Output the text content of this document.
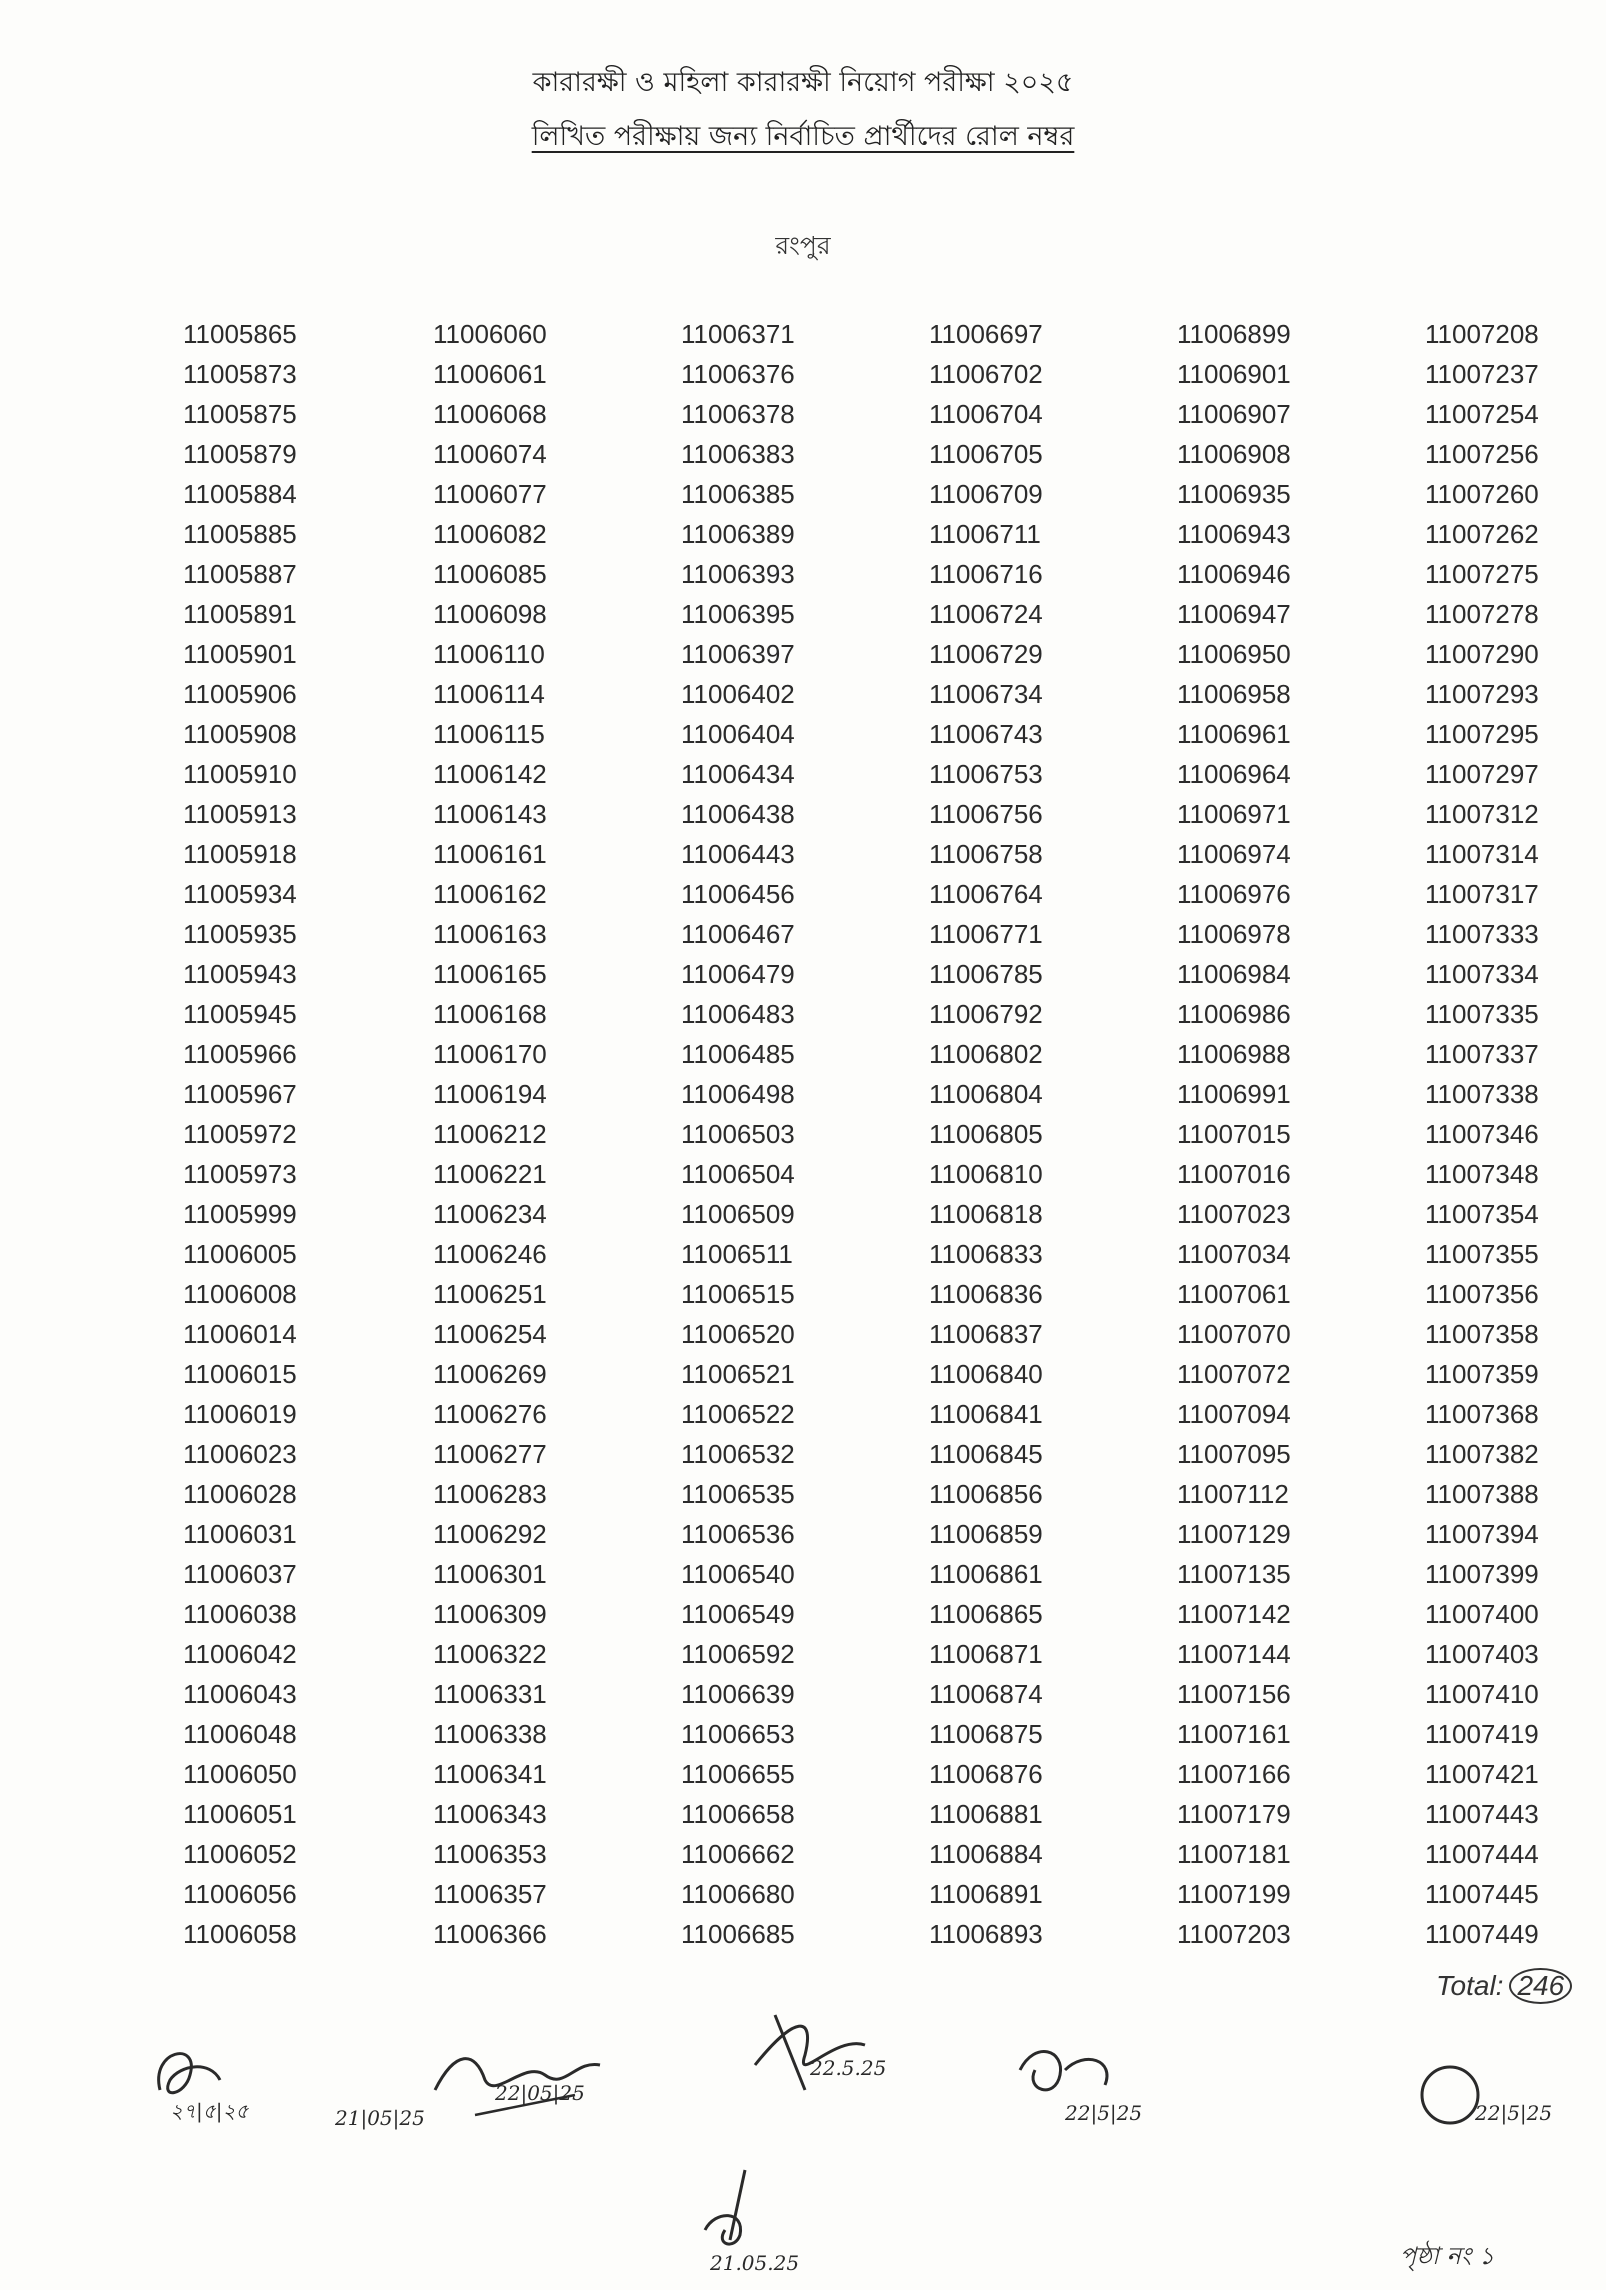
কারারক্ষী ও মহিলা কারারক্ষী নিয়োগ পরীক্ষা ২০২৫
লিখিত পরীক্ষায় জন্য নির্বাচিত প্রার্থীদের রোল নম্বর
রংপুর
11005865
11005873
11005875
11005879
11005884
11005885
11005887
11005891
11005901
11005906
11005908
11005910
11005913
11005918
11005934
11005935
11005943
11005945
11005966
11005967
11005972
11005973
11005999
11006005
11006008
11006014
11006015
11006019
11006023
11006028
11006031
11006037
11006038
11006042
11006043
11006048
11006050
11006051
11006052
11006056
11006058
11006060
11006061
11006068
11006074
11006077
11006082
11006085
11006098
11006110
11006114
11006115
11006142
11006143
11006161
11006162
11006163
11006165
11006168
11006170
11006194
11006212
11006221
11006234
11006246
11006251
11006254
11006269
11006276
11006277
11006283
11006292
11006301
11006309
11006322
11006331
11006338
11006341
11006343
11006353
11006357
11006366
11006371
11006376
11006378
11006383
11006385
11006389
11006393
11006395
11006397
11006402
11006404
11006434
11006438
11006443
11006456
11006467
11006479
11006483
11006485
11006498
11006503
11006504
11006509
11006511
11006515
11006520
11006521
11006522
11006532
11006535
11006536
11006540
11006549
11006592
11006639
11006653
11006655
11006658
11006662
11006680
11006685
11006697
11006702
11006704
11006705
11006709
11006711
11006716
11006724
11006729
11006734
11006743
11006753
11006756
11006758
11006764
11006771
11006785
11006792
11006802
11006804
11006805
11006810
11006818
11006833
11006836
11006837
11006840
11006841
11006845
11006856
11006859
11006861
11006865
11006871
11006874
11006875
11006876
11006881
11006884
11006891
11006893
11006899
11006901
11006907
11006908
11006935
11006943
11006946
11006947
11006950
11006958
11006961
11006964
11006971
11006974
11006976
11006978
11006984
11006986
11006988
11006991
11007015
11007016
11007023
11007034
11007061
11007070
11007072
11007094
11007095
11007112
11007129
11007135
11007142
11007144
11007156
11007161
11007166
11007179
11007181
11007199
11007203
11007208
11007237
11007254
11007256
11007260
11007262
11007275
11007278
11007290
11007293
11007295
11007297
11007312
11007314
11007317
11007333
11007334
11007335
11007337
11007338
11007346
11007348
11007354
11007355
11007356
11007358
11007359
11007368
11007382
11007388
11007394
11007399
11007400
11007403
11007410
11007419
11007421
11007443
11007444
11007445
11007449
Total: 246
২৭|৫|২৫	21|05|25
22|05|25
22.5.25
21.05.25
22|5|25	22|5|25
পৃষ্ঠা নং ১
